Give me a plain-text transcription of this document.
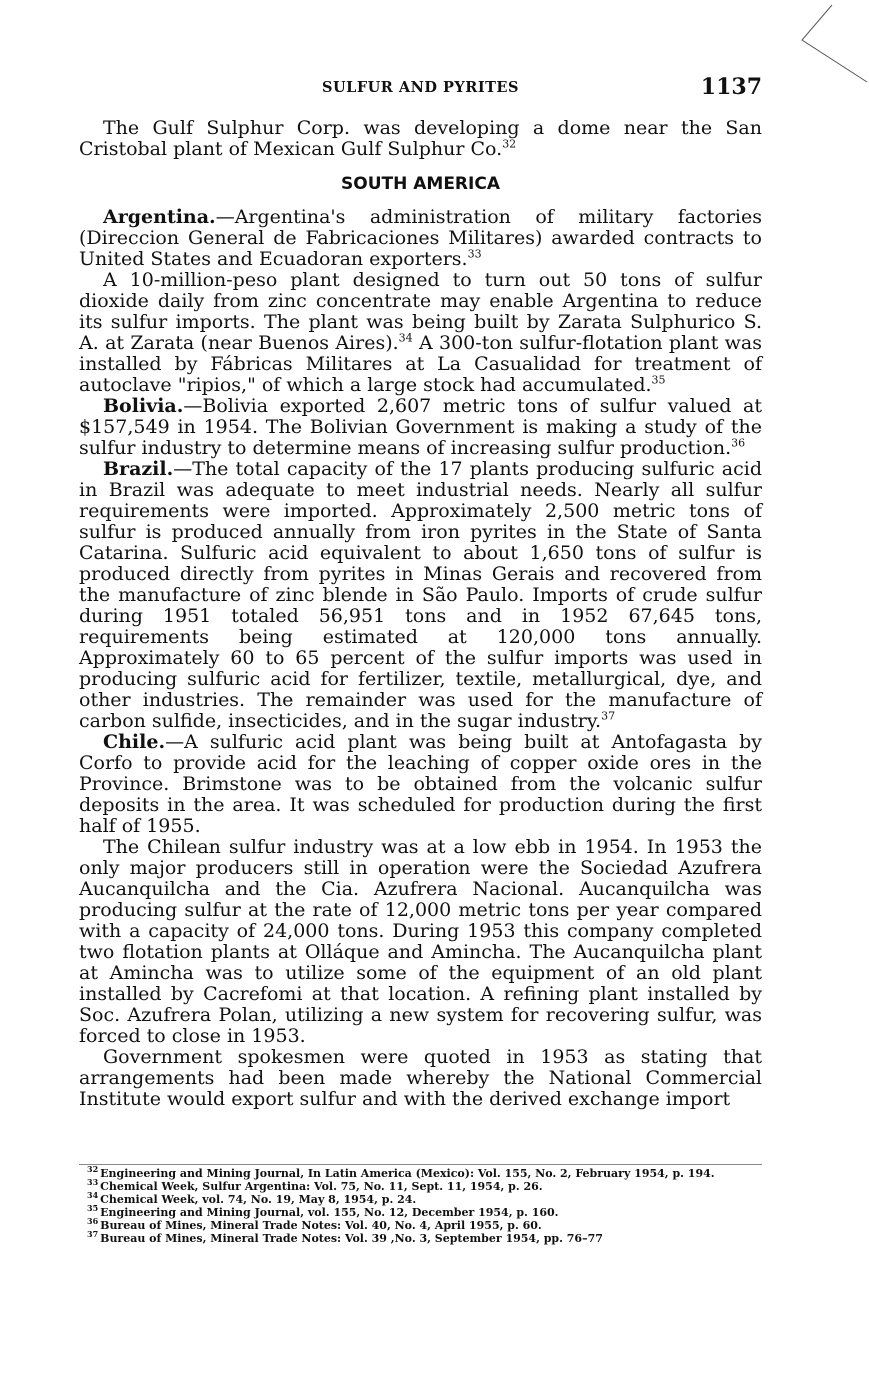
SULFUR AND PYRITES	1137

The Gulf Sulphur Corp. was developing a dome near the San Cristobal plant of Mexican Gulf Sulphur Co.$^{32}$

SOUTH AMERICA

Argentina.—Argentina's administration of military factories (Direccion General de Fabricaciones Militares) awarded contracts to United States and Ecuadoran exporters.$^{33}$

A 10-million-peso plant designed to turn out 50 tons of sulfur dioxide daily from zinc concentrate may enable Argentina to reduce its sulfur imports. The plant was being built by Zarata Sulphurico S. A. at Zarata (near Buenos Aires).$^{34}$ A 300-ton sulfur-flotation plant was installed by Fábricas Militares at La Casualidad for treatment of autoclave "ripios," of which a large stock had accumulated.$^{35}$

Bolivia.—Bolivia exported 2,607 metric tons of sulfur valued at $157,549 in 1954. The Bolivian Government is making a study of the sulfur industry to determine means of increasing sulfur production.$^{36}$

Brazil.—The total capacity of the 17 plants producing sulfuric acid in Brazil was adequate to meet industrial needs. Nearly all sulfur requirements were imported. Approximately 2,500 metric tons of sulfur is produced annually from iron pyrites in the State of Santa Catarina. Sulfuric acid equivalent to about 1,650 tons of sulfur is produced directly from pyrites in Minas Gerais and recovered from the manufacture of zinc blende in São Paulo. Imports of crude sulfur during 1951 totaled 56,951 tons and in 1952 67,645 tons, requirements being estimated at 120,000 tons annually. Approximately 60 to 65 percent of the sulfur imports was used in producing sulfuric acid for fertilizer, textile, metallurgical, dye, and other industries. The remainder was used for the manufacture of carbon sulfide, insecticides, and in the sugar industry.$^{37}$

Chile.—A sulfuric acid plant was being built at Antofagasta by Corfo to provide acid for the leaching of copper oxide ores in the Province. Brimstone was to be obtained from the volcanic sulfur deposits in the area. It was scheduled for production during the first half of 1955.

The Chilean sulfur industry was at a low ebb in 1954. In 1953 the only major producers still in operation were the Sociedad Azufrera Aucanquilcha and the Cia. Azufrera Nacional. Aucanquilcha was producing sulfur at the rate of 12,000 metric tons per year compared with a capacity of 24,000 tons. During 1953 this company completed two flotation plants at Olláque and Amincha. The Aucanquilcha plant at Amincha was to utilize some of the equipment of an old plant installed by Cacrefomi at that location. A refining plant installed by Soc. Azufrera Polan, utilizing a new system for recovering sulfur, was forced to close in 1953.

Government spokesmen were quoted in 1953 as stating that arrangements had been made whereby the National Commercial Institute would export sulfur and with the derived exchange import

$^{32}$ Engineering and Mining Journal, In Latin America (Mexico): Vol. 155, No. 2, February 1954, p. 194.
$^{33}$ Chemical Week, Sulfur Argentina: Vol. 75, No. 11, Sept. 11, 1954, p. 26.
$^{34}$ Chemical Week, vol. 74, No. 19, May 8, 1954, p. 24.
$^{35}$ Engineering and Mining Journal, vol. 155, No. 12, December 1954, p. 160.
$^{36}$ Bureau of Mines, Mineral Trade Notes: Vol. 40, No. 4, April 1955, p. 60.
$^{37}$ Bureau of Mines, Mineral Trade Notes: Vol. 39 ,No. 3, September 1954, pp. 76–77
